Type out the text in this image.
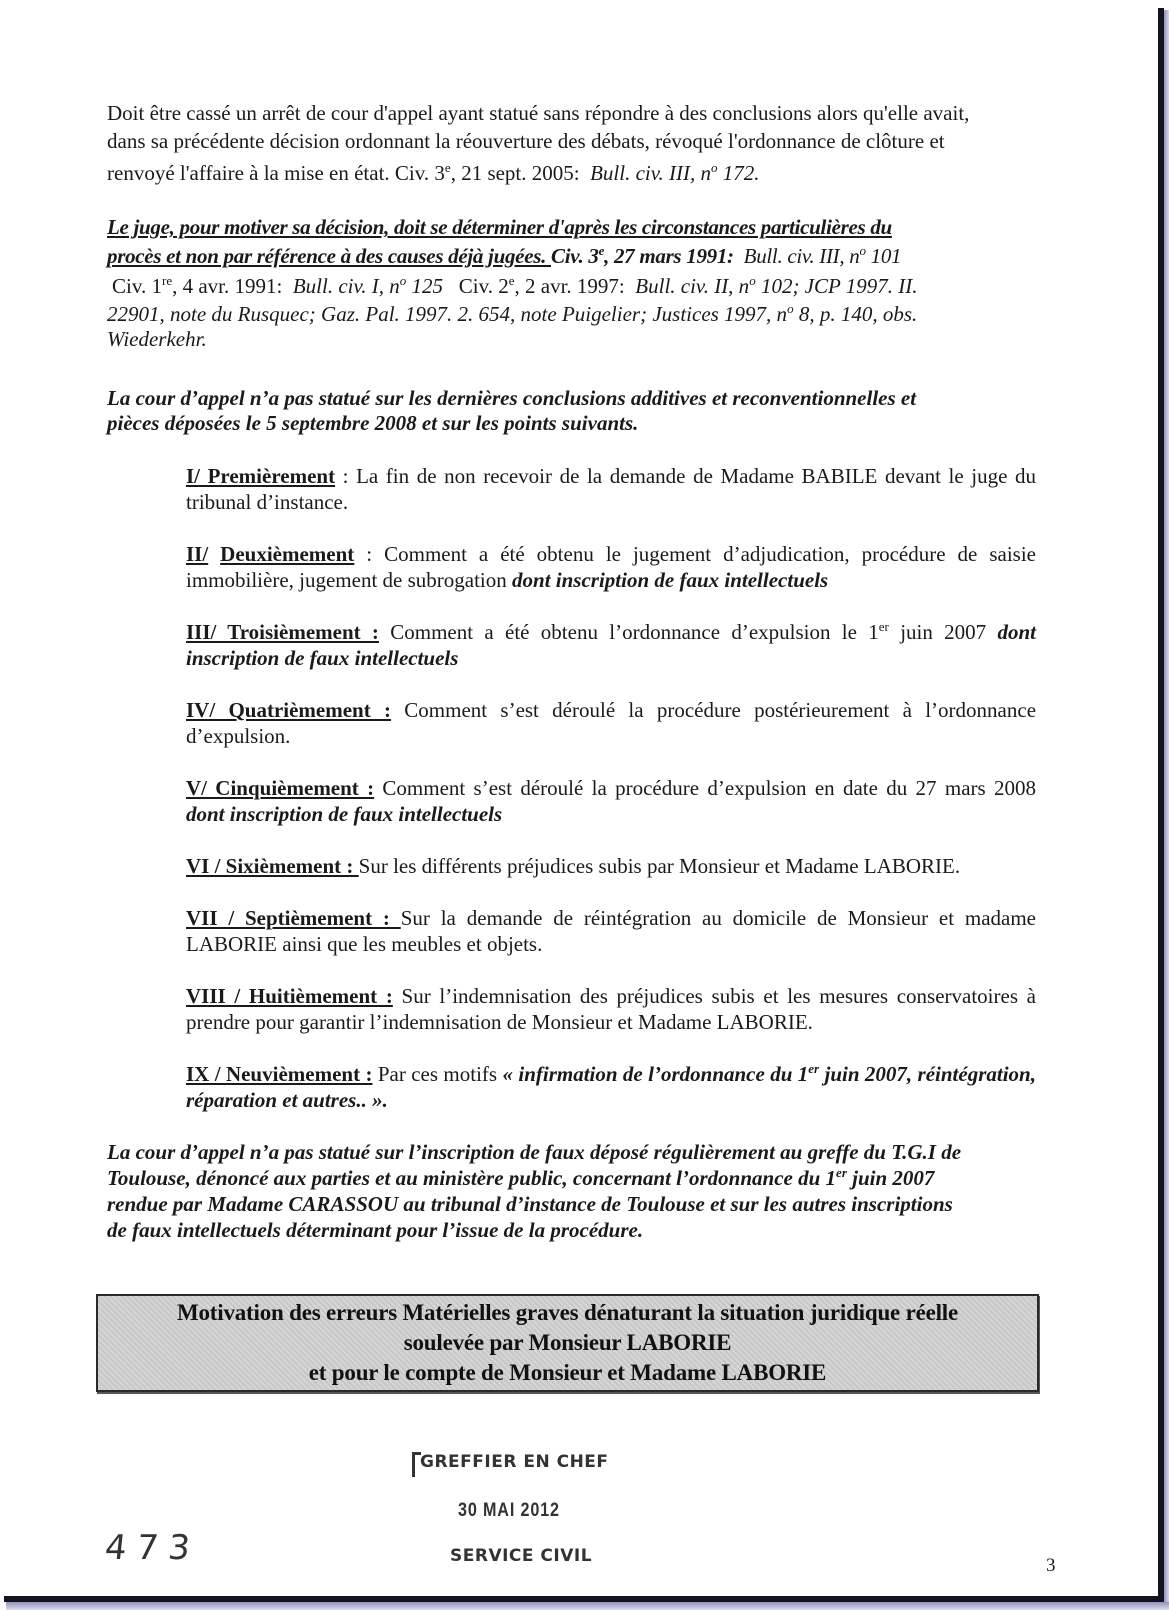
Doit être cassé un arrêt de cour d'appel ayant statué sans répondre à des conclusions alors qu'elle avait,

dans sa précédente décision ordonnant la réouverture des débats, révoqué l'ordonnance de clôture et

renvoyé l'affaire à la mise en état. Civ. 3e, 21 sept. 2005: Bull. civ. III, $n^o$ 172.

Le juge, pour motiver sa décision, doit se déterminer d'après les circonstances particulières du

procès et non par référence à des causes déjà jugées. Civ. 3e, 27 mars 1991: Bull. civ. III, $n^o$ 101

Civ. 1re, 4 avr. 1991: Bull. civ. I, $n^o$ 125 Civ. 2e, 2 avr. 1997: Bull. civ. II, $n^o$ 102; JCP 1997. II.

22901, note du Rusquec; Gaz. Pal. 1997. 2. 654, note Puigelier; Justices 1997, $n^o$ 8, p. 140, obs.

Wiederkehr.

La cour d’appel n’a pas statué sur les dernières conclusions additives et reconventionnelles et

pièces déposées le 5 septembre 2008 et sur les points suivants.

I/ Premièrement : La fin de non recevoir de la demande de Madame BABILE devant le juge du tribunal d’instance.

II/ Deuxièmement : Comment a été obtenu le jugement d’adjudication, procédure de saisie immobilière, jugement de subrogation dont inscription de faux intellectuels

III/ Troisièmement : Comment a été obtenu l’ordonnance d’expulsion le 1er juin 2007 dont inscription de faux intellectuels

IV/ Quatrièmement : Comment s’est déroulé la procédure postérieurement à l’ordonnance d’expulsion.

V/ Cinquièmement : Comment s’est déroulé la procédure d’expulsion en date du 27 mars 2008 dont inscription de faux intellectuels

VI / Sixièmement : Sur les différents préjudices subis par Monsieur et Madame LABORIE.

VII / Septièmement : Sur la demande de réintégration au domicile de Monsieur et madame LABORIE ainsi que les meubles et objets.

VIII / Huitièmement : Sur l’indemnisation des préjudices subis et les mesures conservatoires à prendre pour garantir l’indemnisation de Monsieur et Madame LABORIE.

IX / Neuvièmement : Par ces motifs « infirmation de l’ordonnance du 1er juin 2007, réintégration, réparation et autres.. ».

La cour d’appel n’a pas statué sur l’inscription de faux déposé régulièrement au greffe du T.G.I de

Toulouse, dénoncé aux parties et au ministère public, concernant l’ordonnance du 1er juin 2007

rendue par Madame CARASSOU au tribunal d’instance de Toulouse et sur les autres inscriptions

de faux intellectuels déterminant pour l’issue de la procédure.

Motivation des erreurs Matérielles graves dénaturant la situation juridique réelle
soulevée par Monsieur LABORIE
et pour le compte de Monsieur et Madame LABORIE
GREFFIER EN CHEF
30 MAI 2012
SERVICE CIVIL
473	3
